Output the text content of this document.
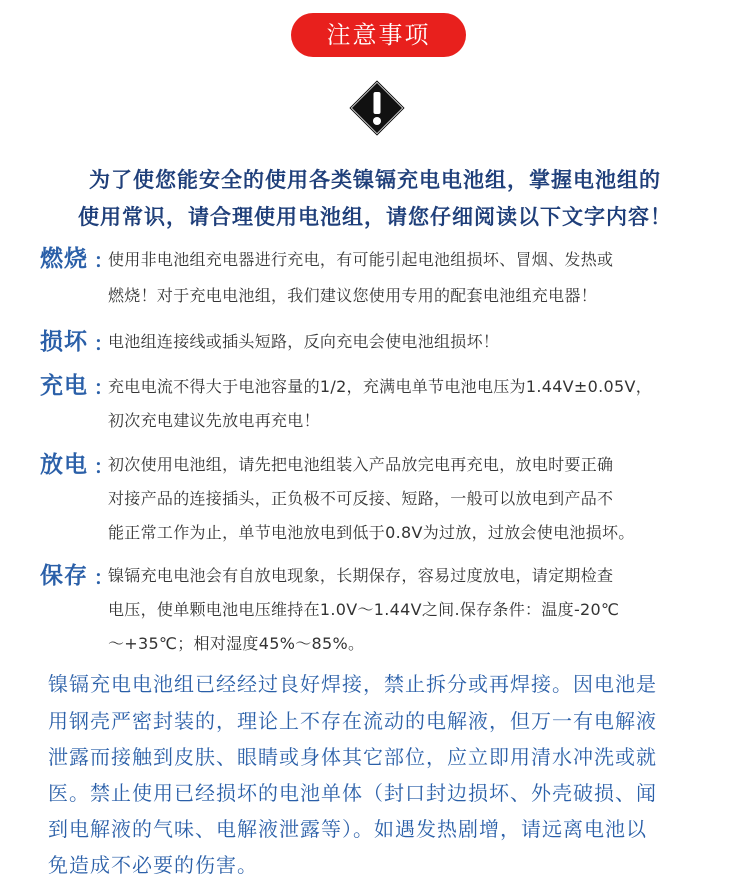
注意事项
为了使您能安全的使用各类镍镉充电电池组，掌握电池组的
使用常识，请合理使用电池组，请您仔细阅读以下文字内容！
燃烧 ：
使用非电池组充电器进行充电，有可能引起电池组损坏、冒烟、发热或
燃烧！对于充电电池组，我们建议您使用专用的配套电池组充电器！
损坏 ：
电池组连接线或插头短路，反向充电会使电池组损坏！
充电 ：
充电电流不得大于电池容量的1/2，充满电单节电池电压为1.44V±0.05V，
初次充电建议先放电再充电！
放电 ：
初次使用电池组，请先把电池组装入产品放完电再充电，放电时要正确
对接产品的连接插头，正负极不可反接、短路，一般可以放电到产品不
能正常工作为止，单节电池放电到低于0.8V为过放，过放会使电池损坏。
保存 ：
镍镉充电电池会有自放电现象，长期保存，容易过度放电，请定期检查
电压，使单颗电池电压维持在1.0V～1.44V之间.保存条件：温度-20℃
～+35℃；相对湿度45%～85%。
镍镉充电电池组已经经过良好焊接，禁止拆分或再焊接。因电池是
用钢壳严密封装的，理论上不存在流动的电解液，但万一有电解液
泄露而接触到皮肤、眼睛或身体其它部位，应立即用清水冲洗或就
医。禁止使用已经损坏的电池单体（封口封边损坏、外壳破损、闻
到电解液的气味、电解液泄露等）。如遇发热剧增，请远离电池以
免造成不必要的伤害。
